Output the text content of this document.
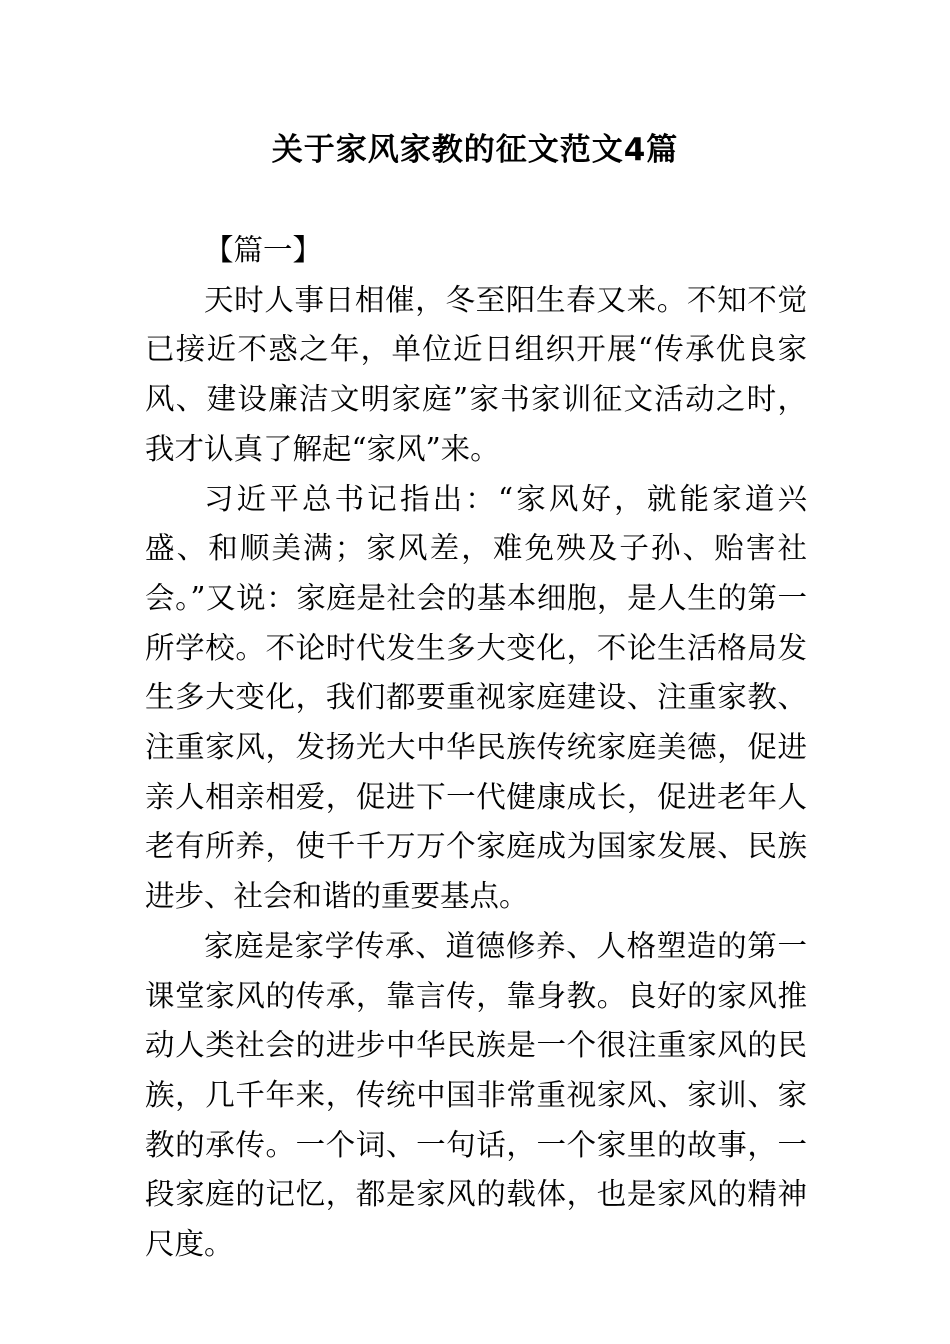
关于家风家教的征文范文4篇

【篇一】

天时人事日相催，冬至阳生春又来。不知不觉已接近不惑之年，单位近日组织开展“传承优良家风、建设廉洁文明家庭”家书家训征文活动之时，我才认真了解起“家风”来。

习近平总书记指出：“家风好，就能家道兴盛、和顺美满；家风差，难免殃及子孙、贻害社会。”又说：家庭是社会的基本细胞，是人生的第一所学校。不论时代发生多大变化，不论生活格局发生多大变化，我们都要重视家庭建设、注重家教、注重家风，发扬光大中华民族传统家庭美德，促进亲人相亲相爱，促进下一代健康成长，促进老年人老有所养，使千千万万个家庭成为国家发展、民族进步、社会和谐的重要基点。

家庭是家学传承、道德修养、人格塑造的第一课堂家风的传承，靠言传，靠身教。良好的家风推动人类社会的进步中华民族是一个很注重家风的民族，几千年来，传统中国非常重视家风、家训、家教的承传。一个词、一句话，一个家里的故事，一段家庭的记忆，都是家风的载体，也是家风的精神尺度。
